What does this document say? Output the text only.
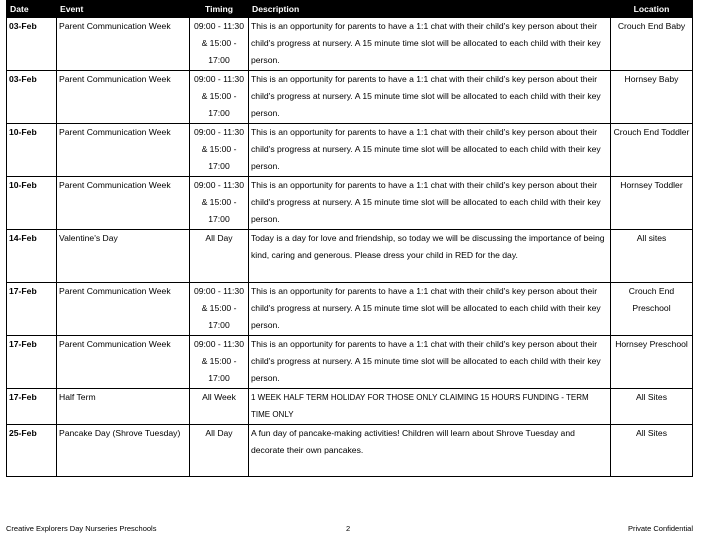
Date	Event	Timing	Description	Location
03-Feb	Parent Communication Week	09:00 - 11:30 & 15:00 - 17:00	This is an opportunity for parents to have a 1:1 chat with their child's key person about their child's progress at nursery. A 15 minute time slot will be allocated to each child with their key person.	Crouch End Baby
03-Feb	Parent Communication Week	09:00 - 11:30 & 15:00 - 17:00	This is an opportunity for parents to have a 1:1 chat with their child's key person about their child's progress at nursery. A 15 minute time slot will be allocated to each child with their key person.	Hornsey Baby
10-Feb	Parent Communication Week	09:00 - 11:30 & 15:00 - 17:00	This is an opportunity for parents to have a 1:1 chat with their child's key person about their child's progress at nursery. A 15 minute time slot will be allocated to each child with their key person.	Crouch End Toddler
10-Feb	Parent Communication Week	09:00 - 11:30 & 15:00 - 17:00	This is an opportunity for parents to have a 1:1 chat with their child's key person about their child's progress at nursery. A 15 minute time slot will be allocated to each child with their key person.	Hornsey Toddler
14-Feb	Valentine's Day	All Day	Today is a day for love and friendship, so today we will be discussing the importance of being kind, caring and generous. Please dress your child in RED for the day.	All sites
17-Feb	Parent Communication Week	09:00 - 11:30 & 15:00 - 17:00	This is an opportunity for parents to have a 1:1 chat with their child's key person about their child's progress at nursery. A 15 minute time slot will be allocated to each child with their key person.	Crouch End Preschool
17-Feb	Parent Communication Week	09:00 - 11:30 & 15:00 - 17:00	This is an opportunity for parents to have a 1:1 chat with their child's key person about their child's progress at nursery. A 15 minute time slot will be allocated to each child with their key person.	Hornsey Preschool
17-Feb	Half Term	All Week	1 WEEK HALF TERM HOLIDAY FOR THOSE ONLY CLAIMING 15 HOURS FUNDING - TERM TIME ONLY	All Sites
25-Feb	Pancake Day (Shrove Tuesday)	All Day	A fun day of pancake-making activities! Children will learn about Shrove Tuesday and decorate their own pancakes.	All Sites
Creative Explorers Day Nurseries Preschools	2	Private Confidential
